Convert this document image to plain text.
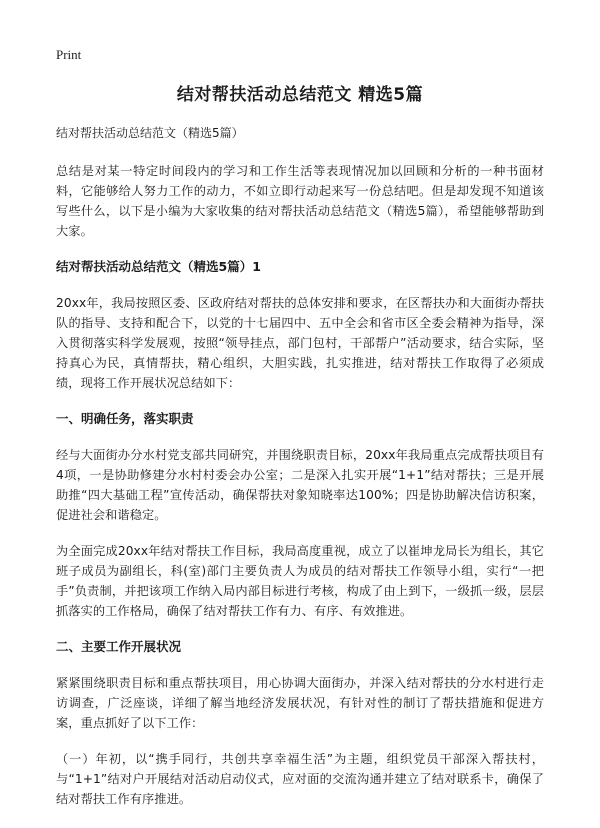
Print
结对帮扶活动总结范文 精选5篇
结对帮扶活动总结范文（精选5篇）

总结是对某一特定时间段内的学习和工作生活等表现情况加以回顾和分析的一种书面材料，它能够给人努力工作的动力，不如立即行动起来写一份总结吧。但是却发现不知道该写些什么，以下是小编为大家收集的结对帮扶活动总结范文（精选5篇），希望能够帮助到大家。

结对帮扶活动总结范文（精选5篇）1

20xx年，我局按照区委、区政府结对帮扶的总体安排和要求，在区帮扶办和大面街办帮扶队的指导、支持和配合下，以党的十七届四中、五中全会和省市区全委会精神为指导，深入贯彻落实科学发展观，按照“领导挂点，部门包村，干部帮户”活动要求，结合实际，坚持真心为民，真情帮扶，精心组织，大胆实践，扎实推进，结对帮扶工作取得了必须成绩，现将工作开展状况总结如下：

一、明确任务，落实职责

经与大面街办分水村党支部共同研究，并围绕职责目标，20xx年我局重点完成帮扶项目有4项，一是协助修建分水村村委会办公室；二是深入扎实开展“1+1”结对帮扶；三是开展助推“四大基础工程”宣传活动，确保帮扶对象知晓率达100%；四是协助解决信访积案，促进社会和谐稳定。

为全面完成20xx年结对帮扶工作目标，我局高度重视，成立了以崔坤龙局长为组长，其它班子成员为副组长，科(室)部门主要负责人为成员的结对帮扶工作领导小组，实行“一把手”负责制，并把该项工作纳入局内部目标进行考核，构成了由上到下，一级抓一级，层层抓落实的工作格局，确保了结对帮扶工作有力、有序、有效推进。

二、主要工作开展状况

紧紧围绕职责目标和重点帮扶项目，用心协调大面街办，并深入结对帮扶的分水村进行走访调查，广泛座谈，详细了解当地经济发展状况，有针对性的制订了帮扶措施和促进方案，重点抓好了以下工作：

（一）年初，以“携手同行，共创共享幸福生活”为主题，组织党员干部深入帮扶村，与“1+1”结对户开展结对活动启动仪式，应对面的交流沟通并建立了结对联系卡，确保了结对帮扶工作有序推进。
